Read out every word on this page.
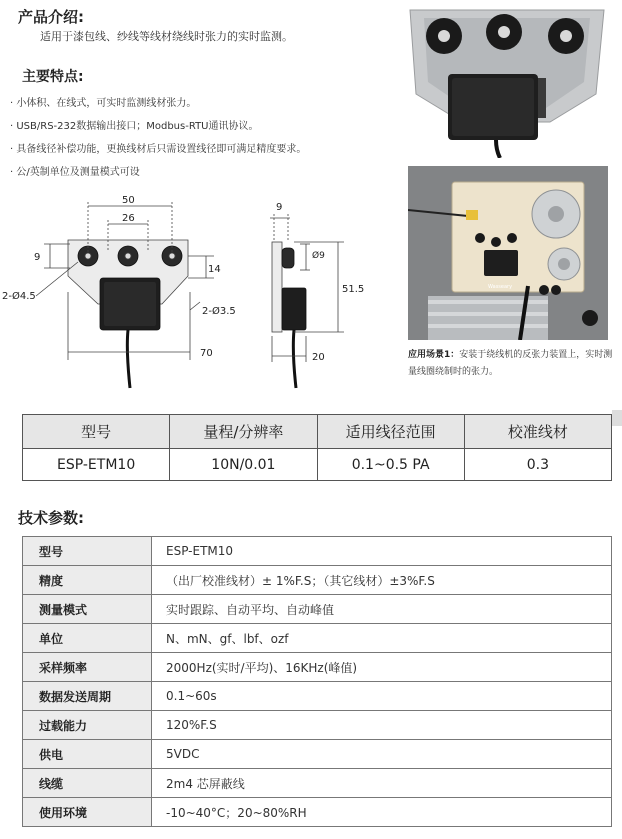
产品介绍:
适用于漆包线、纱线等线材绕线时张力的实时监测。
主要特点:
· 小体积、在线式，可实时监测线材张力。
· USB/RS-232数据输出接口；Modbus-RTU通讯协议。
· 具备线径补偿功能，更换线材后只需设置线径即可满足精度要求。
· 公/英制单位及测量模式可设
Wasseary
应用场景1：安装于绕线机的反张力装置上，实时测量线圈绕制时的张力。
50
26
9
14
2-Ø4.5
2-Ø3.5
70
9
Ø9
51.5
20
型号	量程/分辨率	适用线径范围	校准线材
ESP-ETM10	10N/0.01	0.1~0.5 PA	0.3
技术参数:
型号	ESP-ETM10
精度	（出厂校准线材）± 1%F.S；（其它线材）±3%F.S
测量模式	实时跟踪、自动平均、自动峰值
单位	N、mN、gf、lbf、ozf
采样频率	2000Hz(实时/平均)、16KHz(峰值)
数据发送周期	0.1~60s
过载能力	120%F.S
供电	5VDC
线缆	2m4 芯屏蔽线
使用环境	-10~40°C；20~80%RH
